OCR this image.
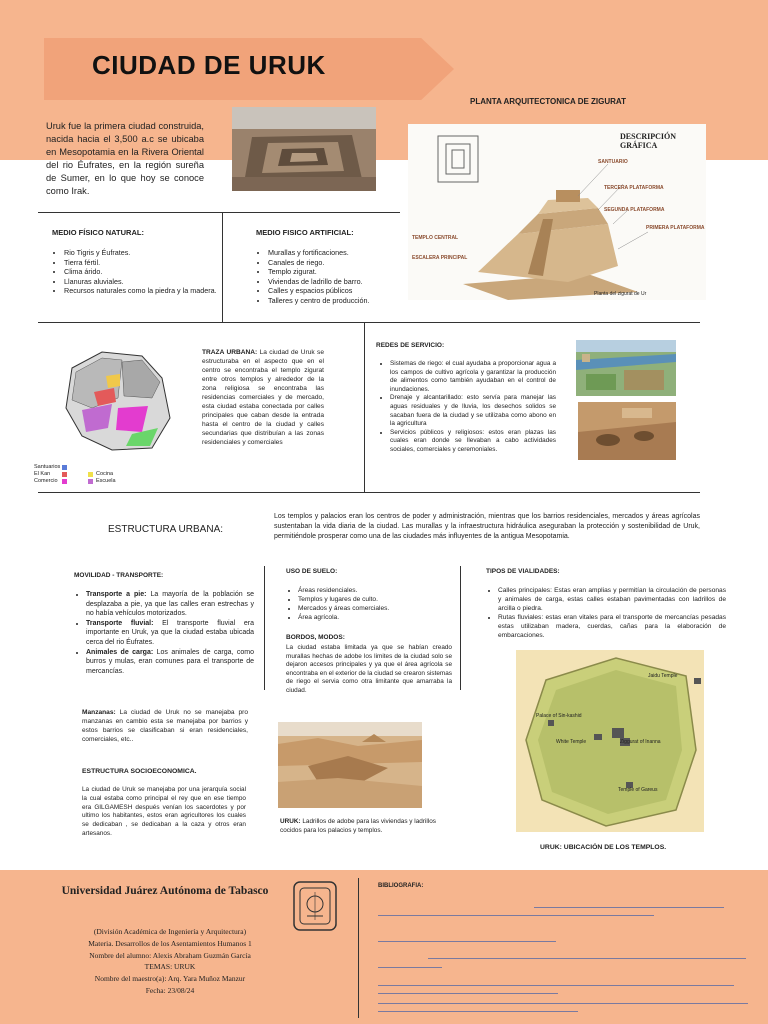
CIUDAD DE URUK
Uruk fue la primera ciudad construida, nacida hacia el 3,500 a.c se ubicaba en Mesopotamia en la Rivera Oriental del rio Éufrates, en la región sureña de Sumer, en lo que hoy se conoce como Irak.
PLANTA ARQUITECTONICA DE ZIGURAT
DESCRIPCIÓN GRÁFICA
SANTUARIO
TERCERA PLATAFORMA
SEGUNDA PLATAFORMA
PRIMERA PLATAFORMA
TEMPLO CENTRAL
ESCALERA PRINCIPAL
Planta del zigurat de Ur
MEDIO FÍSICO NATURAL:
• Rio Tigris y Éufrates.
• Tierra fértil.
• Clima árido.
• Llanuras aluviales.
• Recursos naturales como la piedra y la madera.
MEDIO FISICO ARTIFICIAL:
• Murallas y fortificaciones.
• Canales de riego.
• Templo zigurat.
• Viviendas de ladrillo de barro.
• Calles y espacios públicos
• Talleres y centro de producción.
Santuarios
El Kan
Comercio
Cocina
Escuela
TRAZA URBANA: La ciudad de Uruk se estructuraba en el aspecto que en el centro se encontraba el templo zigurat entre otros templos y alrededor de la zona religiosa se encontraba las residencias comerciales y de mercado, esta ciudad estaba conectada por calles principales que caban desde la entrada hasta el centro de la ciudad y calles secundarias que distribuían a las zonas residenciales y comerciales
REDES DE SERVICIO:
• Sistemas de riego: el cual ayudaba a proporcionar agua a los campos de cultivo agrícola y garantizar la producción de alimentos como también ayudaban en el control de inundaciones.
• Drenaje y alcantarillado: esto servía para manejar las aguas residuales y de lluvia, los desechos solidos se sacaban fuera de la ciudad y se utilizaba como abono en la agricultura
• Servicios públicos y religiosos: estos eran plazas las cuales eran donde se llevaban a cabo actividades sociales, comerciales y ceremoniales.
ESTRUCTURA URBANA:
Los templos y palacios eran los centros de poder y administración, mientras que los barrios residenciales, mercados y áreas agrícolas sustentaban la vida diaria de la ciudad. Las murallas y la infraestructura hidráulica aseguraban la protección y sostenibilidad de Uruk, permitiéndole prosperar como una de las ciudades más influyentes de la antigua Mesopotamia.
MOVILIDAD - TRANSPORTE:
• Transporte a pie: La mayoría de la población se desplazaba a pie, ya que las calles eran estrechas y no había vehículos motorizados.
• Transporte fluvial: El transporte fluvial era importante en Uruk, ya que la ciudad estaba ubicada cerca del rio Éufrates.
• Animales de carga: Los animales de carga, como burros y mulas, eran comunes para el transporte de mercancías.
USO DE SUELO:
• Áreas residenciales.
• Templos y lugares de culto.
• Mercados y áreas comerciales.
• Área agrícola.
BORDOS, MODOS:
La ciudad estaba limitada ya que se habían creado murallas hechas de adobe los limites de la ciudad solo se dejaron accesos principales y ya que el área agrícola se encontraba en el exterior de la ciudad se crearon sistemas de riego el servia como otra limitante que amarraba la ciudad.
TIPOS DE VIALIDADES:
• Calles principales: Estas eran amplias y permitían la circulación de personas y animales de carga, estas calles estaban pavimentadas con ladrillos de arcilla o piedra.
• Rutas fluviales: estas eran vitales para el transporte de mercancías pesadas estas utilizaban madera, cuerdas, cañas para la elaboración de embarcaciones.
Manzanas: La ciudad de Uruk no se manejaba pro manzanas en cambio esta se manejaba por barrios y estos barrios se clasificaban si eran residenciales, comerciales, etc..
ESTRUCTURA SOCIOECONOMICA.
La ciudad de Uruk se manejaba por una jerarquía social la cual estaba como principal el rey que en ese tiempo era GILGAMESH después venían los sacerdotes y por ultimo los habitantes, estos eran agricultores los cuales se dedicaban , se dedicaban a la caza y otros eran artesanos.
URUK: Ladrillos de adobe para las viviendas y ladrillos cocidos para los palacios y templos.
Jaidu Temple
Palace of Sin-kashid
White Temple	Ziggurat of Inanna
Temple of Gareus
URUK: UBICACIÓN DE LOS TEMPLOS.
Universidad Juárez Autónoma de Tabasco
(División Académica de Ingeniería y Arquitectura)
Materia. Desarrollos de los Asentamientos Humanos 1
Nombre del alumno: Alexis Abraham Guzmán García
TEMAS: URUK
Nombre del maestro(a): Arq. Yara Muñoz Manzur
Fecha: 23/08/24
BIBLIOGRAFIA:
